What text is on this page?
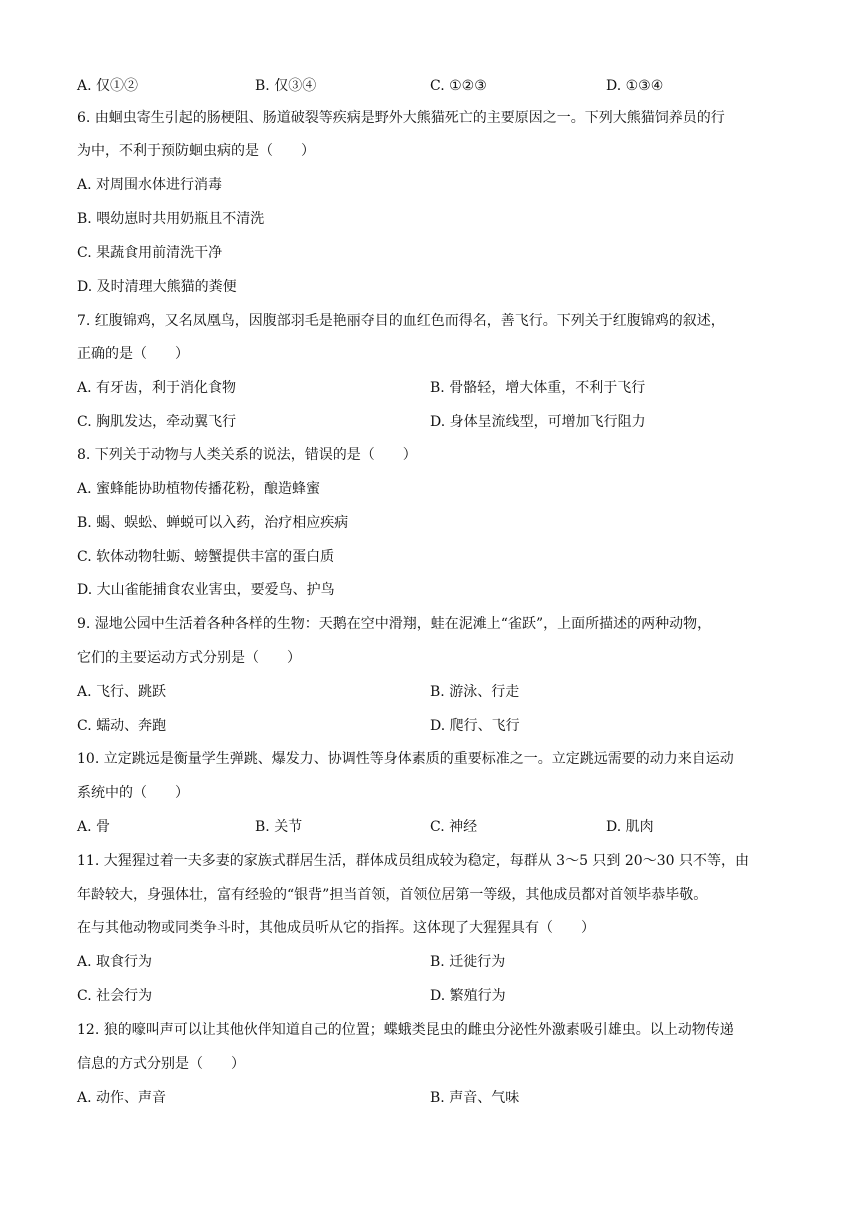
A. 仅①②	B. 仅③④	C. ①②③	D. ①③④
6. 由蛔虫寄生引起的肠梗阻、肠道破裂等疾病是野外大熊猫死亡的主要原因之一。下列大熊猫饲养员的行
为中，不利于预防蛔虫病的是（　　）
A. 对周围水体进行消毒
B. 喂幼崽时共用奶瓶且不清洗
C. 果蔬食用前清洗干净
D. 及时清理大熊猫的粪便
7. 红腹锦鸡，又名凤凰鸟，因腹部羽毛是艳丽夺目的血红色而得名，善飞行。下列关于红腹锦鸡的叙述，
正确的是（　　）
A. 有牙齿，利于消化食物	B. 骨骼轻，增大体重，不利于飞行
C. 胸肌发达，牵动翼飞行	D. 身体呈流线型，可增加飞行阻力
8. 下列关于动物与人类关系的说法，错误的是（　　）
A. 蜜蜂能协助植物传播花粉，酿造蜂蜜
B. 蝎、蜈蚣、蝉蜕可以入药，治疗相应疾病
C. 软体动物牡蛎、螃蟹提供丰富的蛋白质
D. 大山雀能捕食农业害虫，要爱鸟、护鸟
9. 湿地公园中生活着各种各样的生物：天鹅在空中滑翔，蛙在泥滩上“雀跃”，上面所描述的两种动物，
它们的主要运动方式分别是（　　）
A. 飞行、跳跃	B. 游泳、行走
C. 蠕动、奔跑	D. 爬行、飞行
10. 立定跳远是衡量学生弹跳、爆发力、协调性等身体素质的重要标准之一。立定跳远需要的动力来自运动
系统中的（　　）
A. 骨	B. 关节	C. 神经	D. 肌肉
11. 大猩猩过着一夫多妻的家族式群居生活，群体成员组成较为稳定，每群从 3～5 只到 20～30 只不等，由
年龄较大，身强体壮，富有经验的“银背”担当首领，首领位居第一等级，其他成员都对首领毕恭毕敬。
在与其他动物或同类争斗时，其他成员听从它的指挥。这体现了大猩猩具有（　　）
A. 取食行为	B. 迁徙行为
C. 社会行为	D. 繁殖行为
12. 狼的嚎叫声可以让其他伙伴知道自己的位置；蝶蛾类昆虫的雌虫分泌性外激素吸引雄虫。以上动物传递
信息的方式分别是（　　）
A. 动作、声音	B. 声音、气味
